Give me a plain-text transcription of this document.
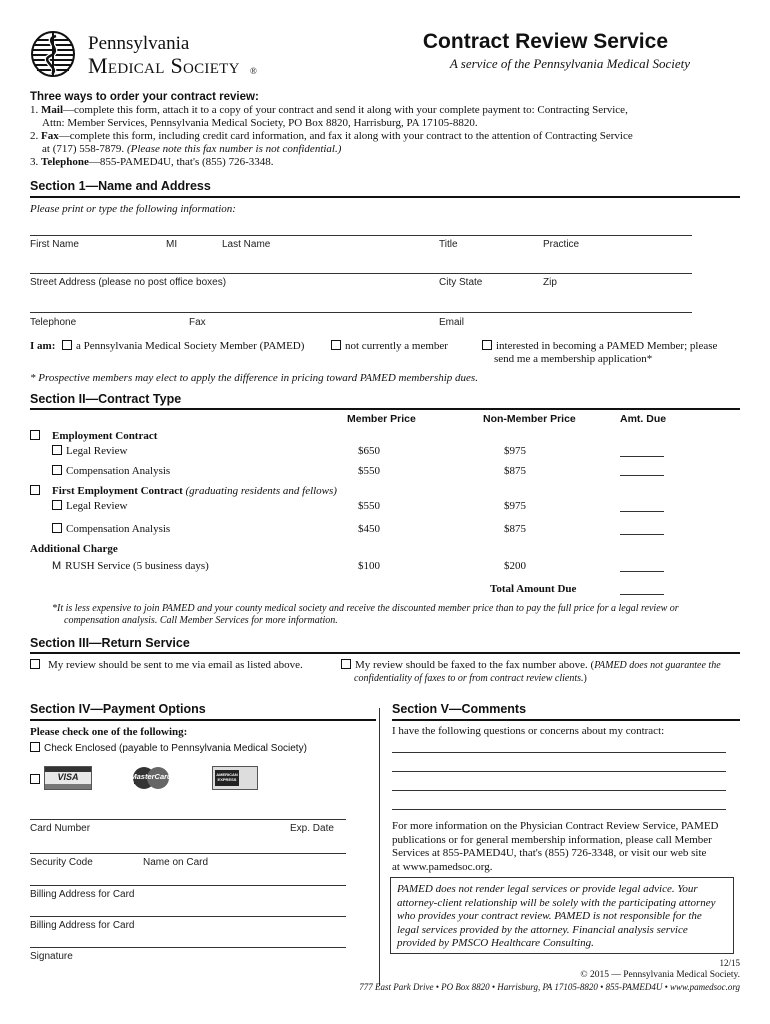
Pennsylvania
Medical Society ®
Contract Review Service
A service of the Pennsylvania Medical Society
Three ways to order your contract review:
1. Mail—complete this form, attach it to a copy of your contract and send it along with your complete payment to: Contracting Service,
Attn: Member Services, Pennsylvania Medical Society, PO Box 8820, Harrisburg, PA 17105-8820.
2. Fax—complete this form, including credit card information, and fax it along with your contract to the attention of Contracting Service
at (717) 558-7879. (Please note this fax number is not confidential.)
3. Telephone—855-PAMED4U, that's (855) 726-3348.
Section 1—Name and Address
Please print or type the following information:
First Name	MI	Last Name	Title	Practice
Street Address (please no post office boxes)	City State	Zip
Telephone	Fax	Email
I am:	a Pennsylvania Medical Society Member (PAMED)	not currently a member	interested in becoming a PAMED Member; please
send me a membership application*
* Prospective members may elect to apply the difference in pricing toward PAMED membership dues.
Section II—Contract Type
Member Price	Non-Member Price	Amt. Due
Employment Contract
Legal Review	$650	$975
Compensation Analysis	$550	$875
First Employment Contract (graduating residents and fellows)
Legal Review	$550	$975
Compensation Analysis	$450	$875
Additional Charge
M RUSH Service (5 business days)	$100	$200
Total Amount Due
*It is less expensive to join PAMED and your county medical society and receive the discounted member price than to pay the full price for a legal review or
compensation analysis. Call Member Services for more information.
Section III—Return Service
My review should be sent to me via email as listed above.	My review should be faxed to the fax number above. (PAMED does not guarantee the
confidentiality of faxes to or from contract review clients.)
Section IV—Payment Options
Please check one of the following:
Check Enclosed (payable to Pennsylvania Medical Society)

VISA
	MasterCard	AMERICAN EXPRESS
Card Number	Exp. Date
Security Code	Name on Card
Billing Address for Card
Billing Address for Card
Signature
Section V—Comments
I have the following questions or concerns about my contract:
For more information on the Physician Contract Review Service, PAMED
publications or for general membership information, please call Member
Services at 855-PAMED4U, that's (855) 726-3348, or visit our web site
at www.pamedsoc.org.
PAMED does not render legal services or provide legal advice. Your
attorney-client relationship will be solely with the participating attorney
who provides your contract review. PAMED is not responsible for the
legal services provided by the attorney. Financial analysis service
provided by PMSCO Healthcare Consulting.
12/15
© 2015 — Pennsylvania Medical Society.
777 East Park Drive • PO Box 8820 • Harrisburg, PA 17105-8820 • 855-PAMED4U • www.pamedsoc.org
